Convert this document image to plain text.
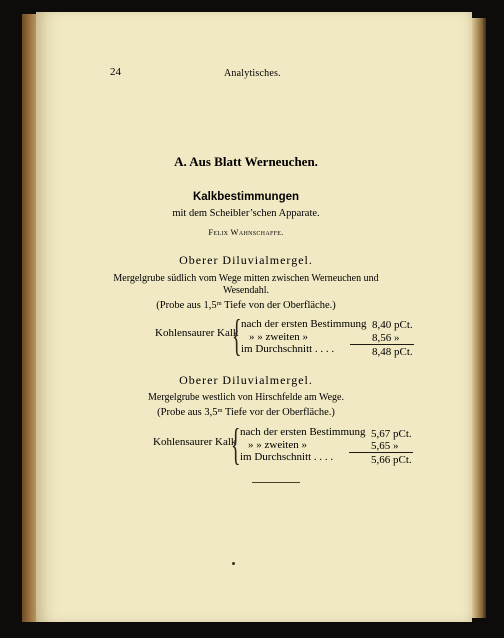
24	Analytisches.
A. Aus Blatt Werneuchen.
Kalkbestimmungen
mit dem Scheibler’schen Apparate.
Felix Wahnschaffe.
Oberer Diluvialmergel.
Mergelgrube südlich vom Wege mitten zwischen Werneuchen und
Wesendahl.
(Probe aus 1,5ᵐ Tiefe von der Oberfläche.)
Kohlensaurer Kalk
{ nach der ersten Bestimmung 8,40 pCt.
» » zweiten »	8,56 »
im Durchschnitt . . . .	8,48 pCt.
Oberer Diluvialmergel.
Mergelgrube westlich von Hirschfelde am Wege.
(Probe aus 3,5ᵐ Tiefe vor der Oberfläche.)
Kohlensaurer Kalk
{ nach der ersten Bestimmung 5,67 pCt.
» » zweiten »	5,65 »
im Durchschnitt . . . .	5,66 pCt.
